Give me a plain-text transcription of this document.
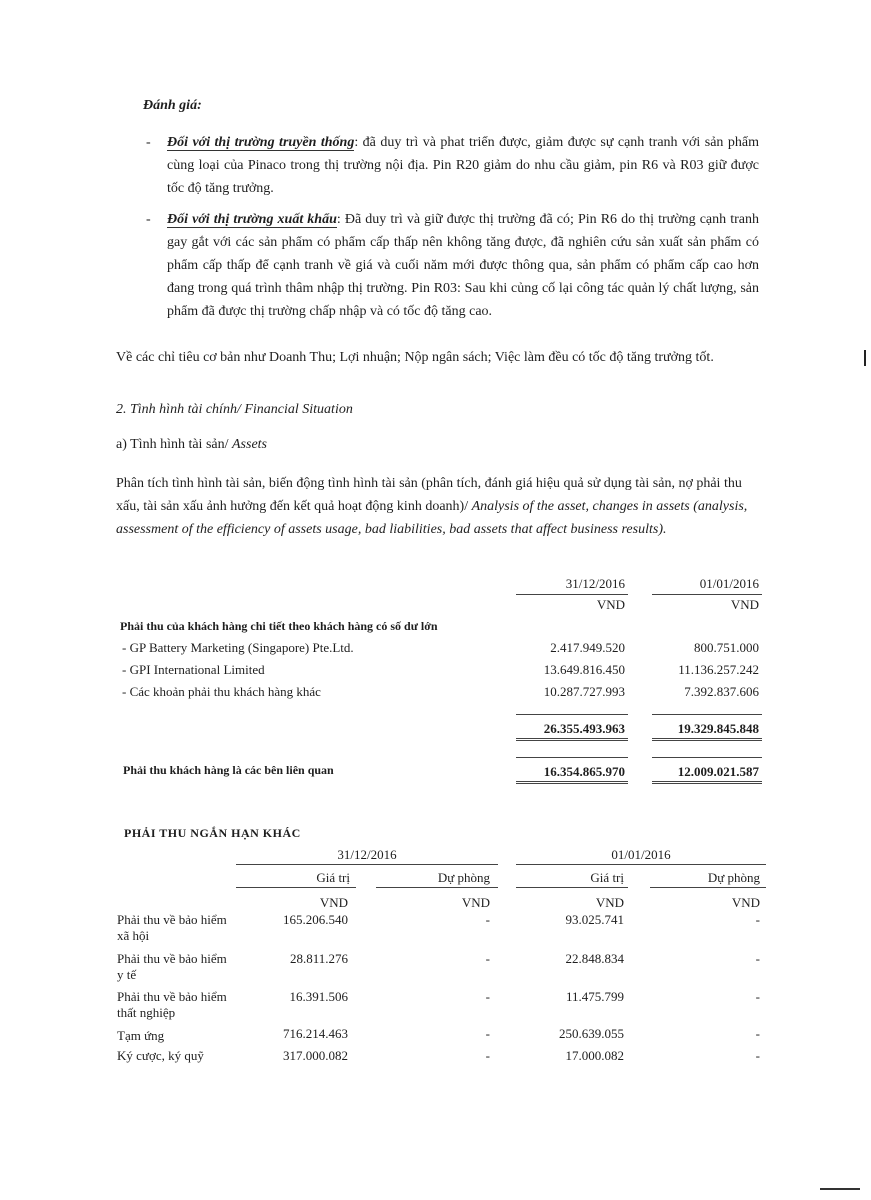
Đánh giá:
- Đối với thị trường truyền thống: đã duy trì và phat triển được, giảm được sự cạnh tranh với sản phẩm cùng loại của Pinaco trong thị trường nội địa. Pin R20 giảm do nhu cầu giảm, pin R6 và R03 giữ được tốc độ tăng trưởng.
- Đối với thị trường xuất khẩu: Đã duy trì và giữ được thị trường đã có; Pin R6 do thị trường cạnh tranh gay gắt với các sản phẩm có phẩm cấp thấp nên không tăng được, đã nghiên cứu sản xuất sản phẩm có phẩm cấp thấp để cạnh tranh về giá và cuối năm mới được thông qua, sản phẩm có phẩm cấp cao hơn đang trong quá trình thâm nhập thị trường. Pin R03: Sau khi củng cố lại công tác quản lý chất lượng, sản phẩm đã được thị trường chấp nhập và có tốc độ tăng cao.
Về các chỉ tiêu cơ bản như Doanh Thu; Lợi nhuận; Nộp ngân sách; Việc làm đều có tốc độ tăng trưởng tốt.
2. Tình hình tài chính/ Financial Situation
a) Tình hình tài sản/ Assets
Phân tích tình hình tài sản, biến động tình hình tài sản (phân tích, đánh giá hiệu quả sử dụng tài sản, nợ phải thu xấu, tài sản xấu ảnh hưởng đến kết quả hoạt động kinh doanh)/ Analysis of the asset, changes in assets (analysis, assessment of the efficiency of assets usage, bad liabilities, bad assets that affect business results).
31/12/2016	01/01/2016
VND	VND
Phải thu của khách hàng chi tiết theo khách hàng có số dư lớn
- GP Battery Marketing (Singapore) Pte.Ltd.	2.417.949.520	800.751.000
- GPI International Limited	13.649.816.450	11.136.257.242
- Các khoản phải thu khách hàng khác	10.287.727.993	7.392.837.606
26.355.493.963	19.329.845.848
Phải thu khách hàng là các bên liên quan	16.354.865.970	12.009.021.587
PHẢI THU NGẮN HẠN KHÁC
31/12/2016	01/01/2016
Giá trị	Dự phòng	Giá trị	Dự phòng
VND	VND	VND	VND
Phải thu về bảo hiểm xã hội
165.206.540	-	93.025.741	-
Phải thu về bảo hiểm y tế
28.811.276	-	22.848.834	-
Phải thu về bảo hiểm thất nghiệp
16.391.506	-	11.475.799	-
Tạm ứng	716.214.463	-	250.639.055	-
Ký cược, ký quỹ	317.000.082	-	17.000.082	-
